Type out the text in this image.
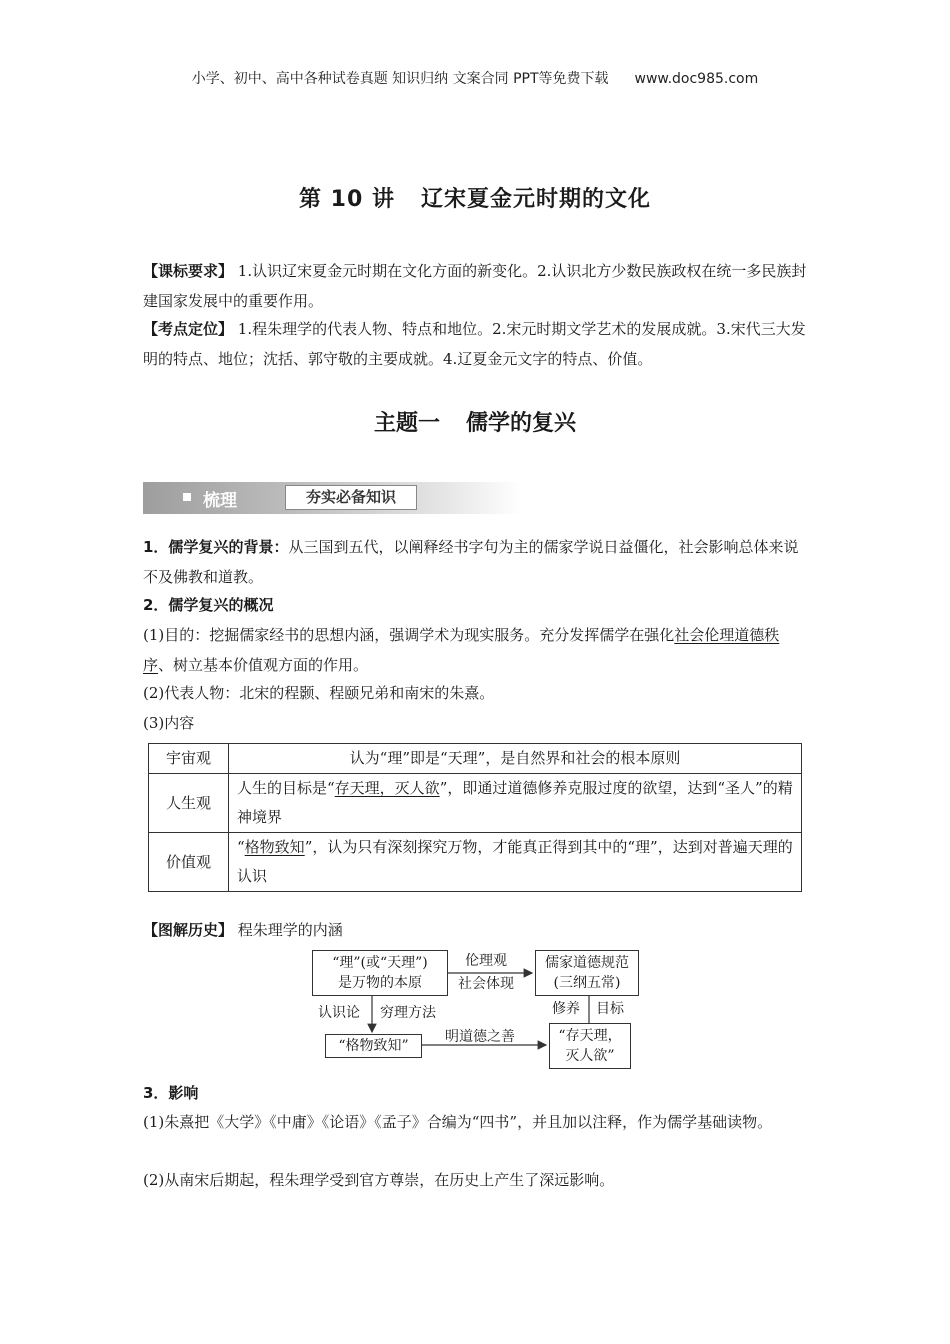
小学、初中、高中各种试卷真题 知识归纳 文案合同 PPT等免费下载 www.doc985.com
第 10 讲 辽宋夏金元时期的文化
【课标要求】 1.认识辽宋夏金元时期在文化方面的新变化。2.认识北方少数民族政权在统一多民族封建国家发展中的重要作用。
【考点定位】 1.程朱理学的代表人物、特点和地位。2.宋元时期文学艺术的发展成就。3.宋代三大发明的特点、地位；沈括、郭守敬的主要成就。4.辽夏金元文字的特点、价值。
主题一 儒学的复兴
梳理	夯实必备知识
1．儒学复兴的背景：从三国到五代，以阐释经书字句为主的儒家学说日益僵化，社会影响总体来说不及佛教和道教。
2．儒学复兴的概况
(1)目的：挖掘儒家经书的思想内涵，强调学术为现实服务。充分发挥儒学在强化社会伦理道德秩序、树立基本价值观方面的作用。
(2)代表人物：北宋的程颢、程颐兄弟和南宋的朱熹。
(3)内容
宇宙观	认为“理”即是“天理”，是自然界和社会的根本原则
人生观	人生的目标是“存天理，灭人欲”，即通过道德修养克服过度的欲望，达到“圣人”的精神境界
价值观	“格物致知”，认为只有深刻探究万物，才能真正得到其中的“理”，达到对普遍天理的认识
【图解历史】 程朱理学的内涵
“理”(或“天理”)
是万物的本原
儒家道德规范
(三纲五常)
“格物致知”
“存天理，
灭人欲”
伦理观
社会体现
认识论 穷理方法	修养 目标
明道德之善
3．影响
(1)朱熹把《大学》《中庸》《论语》《孟子》合编为“四书”，并且加以注释，作为儒学基础读物。
(2)从南宋后期起，程朱理学受到官方尊崇，在历史上产生了深远影响。
